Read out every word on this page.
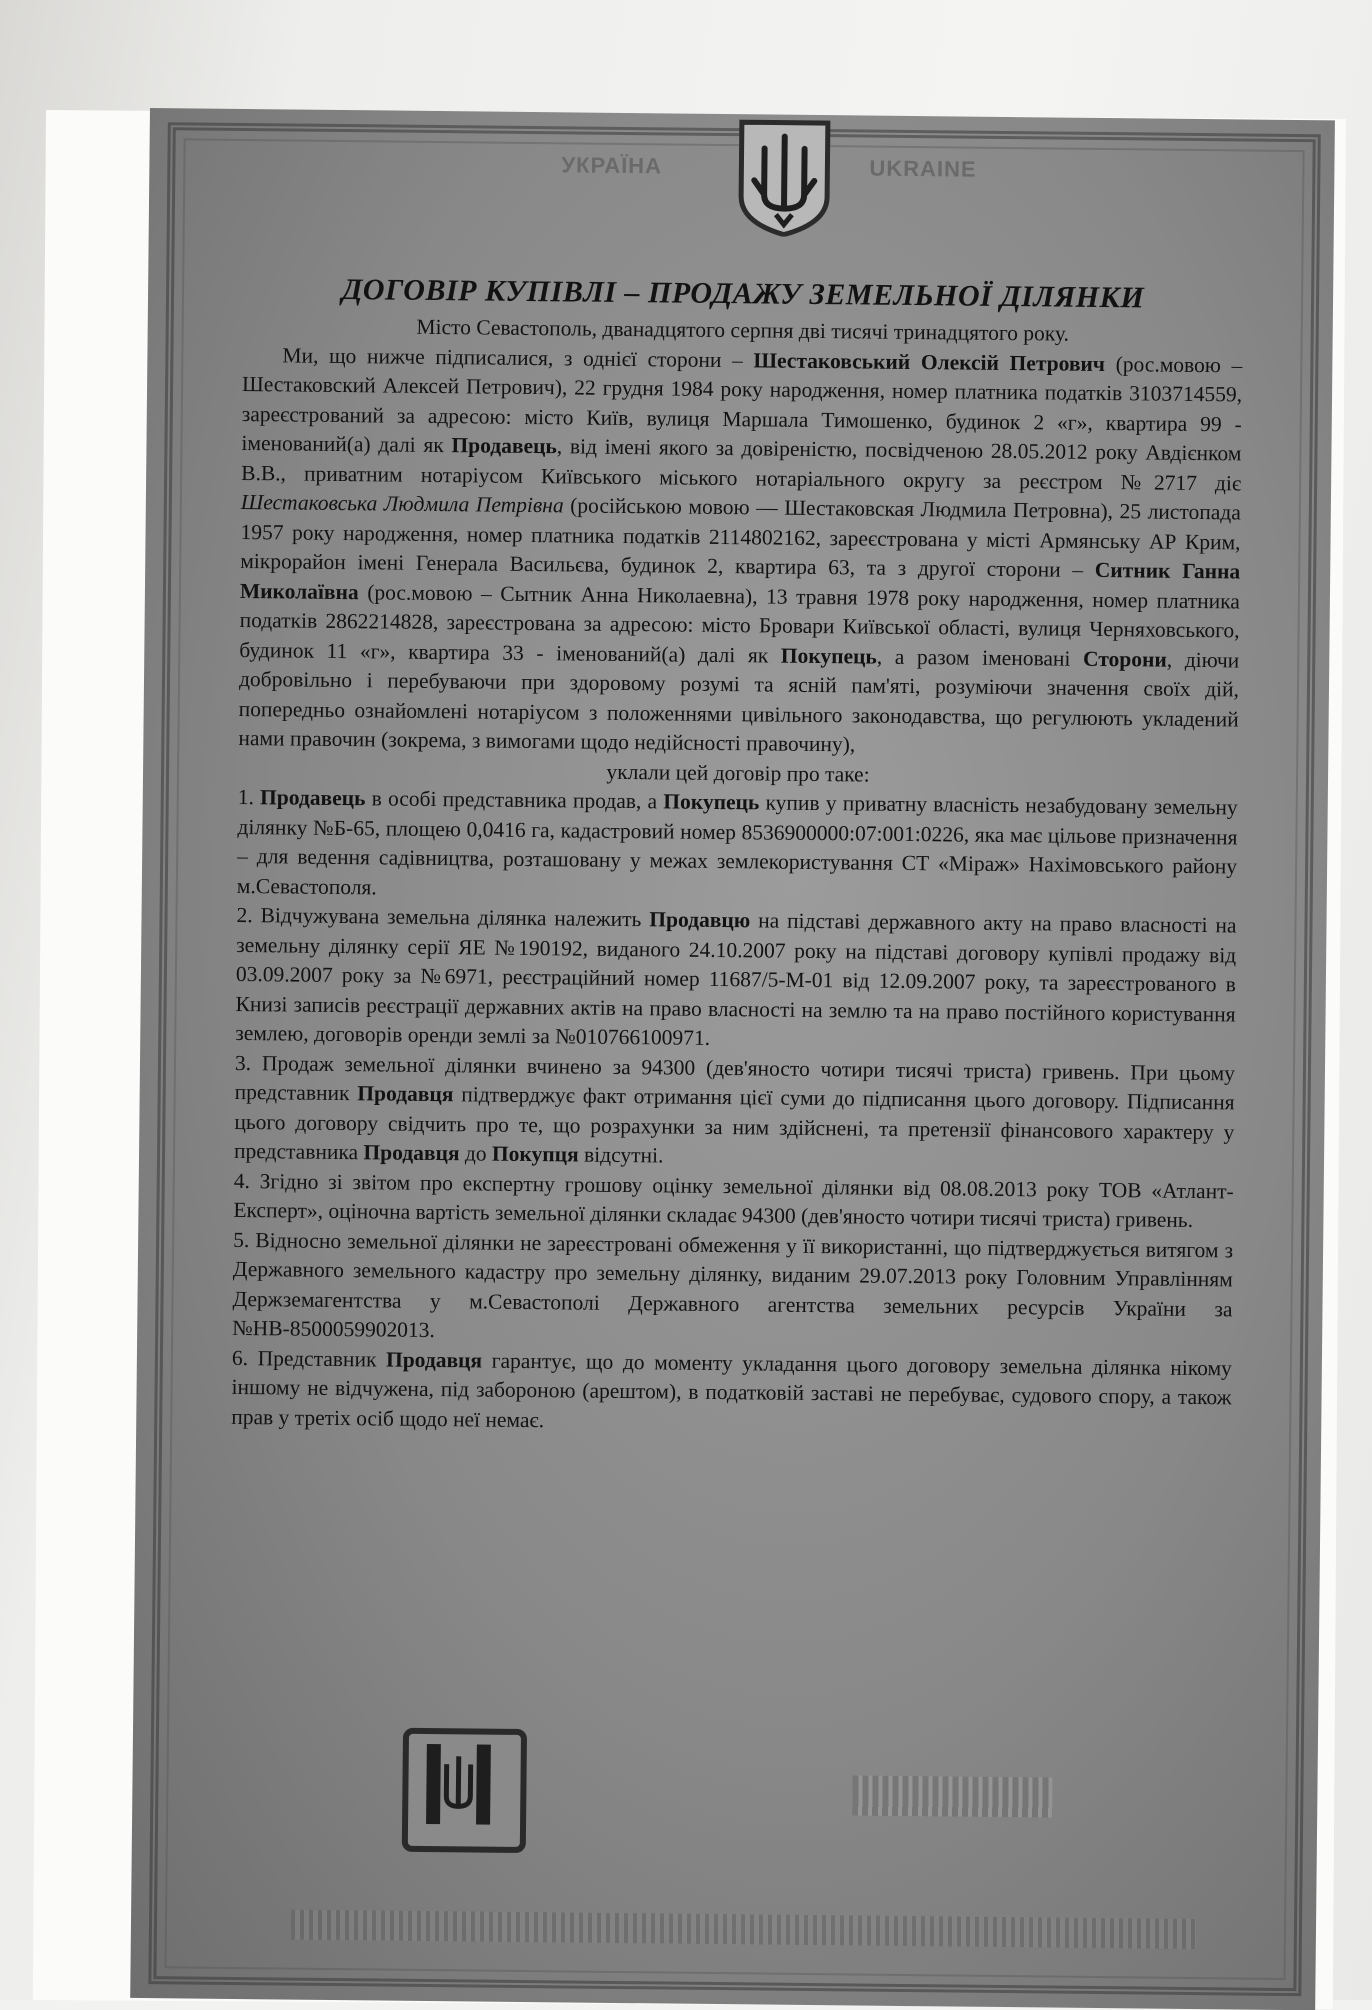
УКРАЇНА	UKRAINE
ДОГОВІР КУПІВЛІ – ПРОДАЖУ ЗЕМЕЛЬНОЇ ДІЛЯНКИ

Місто Севастополь, дванадцятого серпня дві тисячі тринадцятого року.

Ми, що нижче підписалися, з однієї сторони – Шестаковський Олексій Петрович (рос.мовою – Шестаковский Алексей Петрович), 22 грудня 1984 року народження, номер платника податків 3103714559, зареєстрований за адресою: місто Київ, вулиця Маршала Тимошенко, будинок 2 «г», квартира 99 - іменований(а) далі як Продавець, від імені якого за довіреністю, посвідченою 28.05.2012 року Авдієнком В.В., приватним нотаріусом Київського міського нотаріального округу за реєстром №2717 діє Шестаковська Людмила Петрівна (російською мовою — Шестаковская Людмила Петровна), 25 листопада 1957 року народження, номер платника податків 2114802162, зареєстрована у місті Армянську АР Крим, мікрорайон імені Генерала Васильєва, будинок 2, квартира 63, та з другої сторони – Ситник Ганна Миколаївна (рос.мовою – Сытник Анна Николаевна), 13 травня 1978 року народження, номер платника податків 2862214828, зареєстрована за адресою: місто Бровари Київської області, вулиця Черняховського, будинок 11 «г», квартира 33 - іменований(а) далі як Покупець, а разом іменовані Сторони, діючи добровільно і перебуваючи при здоровому розумі та ясній пам'яті, розуміючи значення своїх дій, попередньо ознайомлені нотаріусом з положеннями цивільного законодавства, що регулюють укладений нами правочин (зокрема, з вимогами щодо недійсності правочину),

уклали цей договір про таке:

1. Продавець в особі представника продав, а Покупець купив у приватну власність незабудовану земельну ділянку №Б-65, площею 0,0416 га, кадастровий номер 8536900000:07:001:0226, яка має цільове призначення – для ведення садівництва, розташовану у межах землекористування СТ «Міраж» Нахімовського району м.Севастополя.

2. Відчужувана земельна ділянка належить Продавцю на підставі державного акту на право власності на земельну ділянку серії ЯЕ №190192, виданого 24.10.2007 року на підставі договору купівлі продажу від 03.09.2007 року за №6971, реєстраційний номер 11687/5-М-01 від 12.09.2007 року, та зареєстрованого в Книзі записів реєстрації державних актів на право власності на землю та на право постійного користування землею, договорів оренди землі за №010766100971.

3. Продаж земельної ділянки вчинено за 94300 (дев'яносто чотири тисячі триста) гривень. При цьому представник Продавця підтверджує факт отримання цієї суми до підписання цього договору. Підписання цього договору свідчить про те, що розрахунки за ним здійснені, та претензії фінансового характеру у представника Продавця до Покупця відсутні.

4. Згідно зі звітом про експертну грошову оцінку земельної ділянки від 08.08.2013 року ТОВ «Атлант-Експерт», оціночна вартість земельної ділянки складає 94300 (дев'яносто чотири тисячі триста) гривень.

5. Відносно земельної ділянки не зареєстровані обмеження у її використанні, що підтверджується витягом з Державного земельного кадастру про земельну ділянку, виданим 29.07.2013 року Головним Управлінням Держземагентства у м.Севастополі Державного агентства земельних ресурсів України за №НВ-8500059902013.

6. Представник Продавця гарантує, що до моменту укладання цього договору земельна ділянка нікому іншому не відчужена, під забороною (арештом), в податковій заставі не перебуває, судового спору, а також прав у третіх осіб щодо неї немає.
